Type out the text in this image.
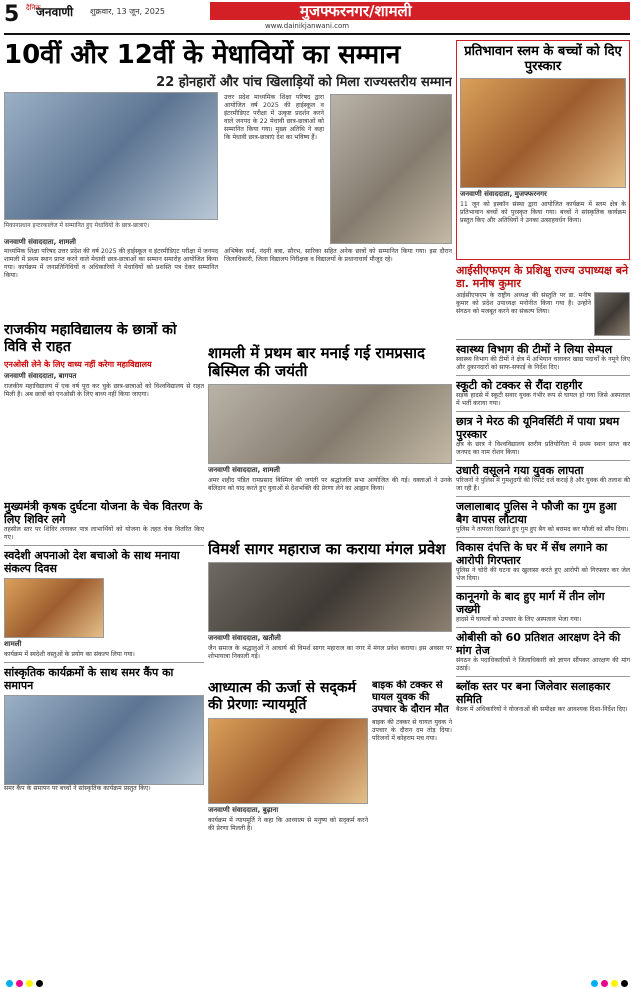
5 दैनिक
जनवाणी शुक्रवार, 13 जून, 2025	मुजफ्फरनगर/शामली
www.dainikjanwani.com
10वीं और 12वीं के मेधावियों का सम्मान
22 होनहारों और पांच खिलाड़ियों को मिला राज्यस्तरीय सम्मान
मिकानप्रधान इन्टरकालेज में सम्मानित हुए मेधावियों के छात्र-छात्राएं।
जनवाणी संवाददाता, शामली
माध्यमिक शिक्षा परिषद उत्तर प्रदेश की वर्ष 2025 की हाईस्कूल व इंटरमीडिएट परीक्षा में जनपद शामली में प्रथम स्थान प्राप्त करने वाले मेधावी छात्र-छात्राओं का सम्मान समारोह आयोजित किया गया। कार्यक्रम में जनप्रतिनिधियों व अधिकारियों ने मेधावियों को प्रशस्ति पत्र देकर सम्मानित किया।
उत्तर प्रदेश माध्यमिक शिक्षा परिषद द्वारा आयोजित वर्ष 2025 की हाईस्कूल व इंटरमीडिएट परीक्षा में उत्कृष्ट प्रदर्शन करने वाले जनपद के 22 मेधावी छात्र-छात्राओं को सम्मानित किया गया। मुख्य अतिथि ने कहा कि मेधावी छात्र-छात्राएं देश का भविष्य हैं।
अभिषेक वर्मा, नंदनी बत्रा, सौरभ, सारिका सहित अनेक छात्रों को सम्मानित किया गया। इस दौरान जिलाधिकारी, जिला विद्यालय निरीक्षक व विद्यालयों के प्रधानाचार्य मौजूद रहे।
प्रतिभावान स्लम के बच्चों को दिए पुरस्कार
जनवाणी संवाददाता, मुजफ्फरनगर
11 जून को इस्कॉन संस्था द्वारा आयोजित कार्यक्रम में स्लम क्षेत्र के प्रतिभावान बच्चों को पुरस्कृत किया गया। बच्चों ने सांस्कृतिक कार्यक्रम प्रस्तुत किए और अतिथियों ने उनका उत्साहवर्धन किया।
आईसीएफएम के प्रशिक्षु राज्य उपाध्यक्ष बने डा. मनीष कुमार
आईसीएफएम के राष्ट्रीय अध्यक्ष की संस्तुति पर डा. मनीष कुमार को प्रदेश उपाध्यक्ष मनोनीत किया गया है। उन्होंने संगठन को मजबूत करने का संकल्प लिया।
स्वास्थ्य विभाग की टीमों ने लिया सेम्पल
स्वास्थ्य विभाग की टीमों ने क्षेत्र में अभियान चलाकर खाद्य पदार्थों के नमूने लिए और दुकानदारों को साफ-सफाई के निर्देश दिए।
स्कूटी को टक्कर से रौंदा राहगीर
सड़क हादसे में स्कूटी सवार युवक गंभीर रूप से घायल हो गया जिसे अस्पताल में भर्ती कराया गया।
छात्र ने मेरठ की यूनिवर्सिटी में पाया प्रथम पुरस्कार
क्षेत्र के छात्र ने विश्वविद्यालय स्तरीय प्रतियोगिता में प्रथम स्थान प्राप्त कर जनपद का नाम रोशन किया।
उधारी वसूलने गया युवक लापता
परिजनों ने पुलिस में गुमशुदगी की रिपोर्ट दर्ज कराई है और युवक की तलाश की जा रही है।
जलालाबाद पुलिस ने फौजी का गुम हुआ बैग वापस लौटाया
पुलिस ने तत्परता दिखाते हुए गुम हुए बैग को बरामद कर फौजी को सौंप दिया।
विकास दंपत्ति के घर में सेंध लगाने का आरोपी गिरफ्तार
पुलिस ने चोरी की घटना का खुलासा करते हुए आरोपी को गिरफ्तार कर जेल भेज दिया।
कानूनगो के बाद हुए मार्ग में तीन लोग जख्मी
हादसे में घायलों को उपचार के लिए अस्पताल भेजा गया।
ओबीसी को 60 प्रतिशत आरक्षण देने की मांग तेज
संगठन के पदाधिकारियों ने जिलाधिकारी को ज्ञापन सौंपकर आरक्षण की मांग उठाई।
ब्लॉक स्तर पर बना जिलेवार सलाहकार समिति
बैठक में अधिकारियों ने योजनाओं की समीक्षा कर आवश्यक दिशा-निर्देश दिए।
राजकीय महाविद्यालय के छात्रों को विवि से राहत
एनओसी लेने के लिए वाध्य नहीं करेगा महाविद्यालय
जनवाणी संवाददाता, बागपत
राजकीय महाविद्यालय में एक वर्ष पूरा कर चुके छात्र-छात्राओं को विश्वविद्यालय से राहत मिली है। अब छात्रों को एनओसी के लिए बाध्य नहीं किया जाएगा।
शामली में प्रथम बार मनाई गई रामप्रसाद बिस्मिल की जयंती
जनवाणी संवाददाता, शामली
अमर शहीद पंडित रामप्रसाद बिस्मिल की जयंती पर श्रद्धांजलि सभा आयोजित की गई। वक्ताओं ने उनके बलिदान को याद करते हुए युवाओं से देशभक्ति की प्रेरणा लेने का आह्वान किया।
मुख्यमंत्री कृषक दुर्घटना योजना के चेक वितरण के लिए शिविर लगे
तहसील स्तर पर शिविर लगाकर पात्र लाभार्थियों को योजना के तहत चेक वितरित किए गए।
स्वदेशी अपनाओ देश बचाओ के साथ मनाया संकल्प दिवस
शामली
कार्यक्रम में स्वदेशी वस्तुओं के प्रयोग का संकल्प लिया गया।
सांस्कृतिक कार्यक्रमों के साथ समर कैंप का समापन
समर कैंप के समापन पर बच्चों ने सांस्कृतिक कार्यक्रम प्रस्तुत किए।
विमर्श सागर महाराज का कराया मंगल प्रवेश
जनवाणी संवाददाता, खतौली
जैन समाज के श्रद्धालुओं ने आचार्य श्री विमर्श सागर महाराज का नगर में मंगल प्रवेश कराया। इस अवसर पर शोभायात्रा निकाली गई।
आध्यात्म की ऊर्जा से सद्कर्म की प्रेरणाः न्यायमूर्ति
जनवाणी संवाददाता, बुढ़ाना
कार्यक्रम में न्यायमूर्ति ने कहा कि आध्यात्म से मनुष्य को सद्कर्म करने की प्रेरणा मिलती है।
बाइक की टक्कर से घायल युवक की उपचार के दौरान मौत
बाइक की टक्कर से घायल युवक ने उपचार के दौरान दम तोड़ दिया। परिजनों में कोहराम मच गया।
